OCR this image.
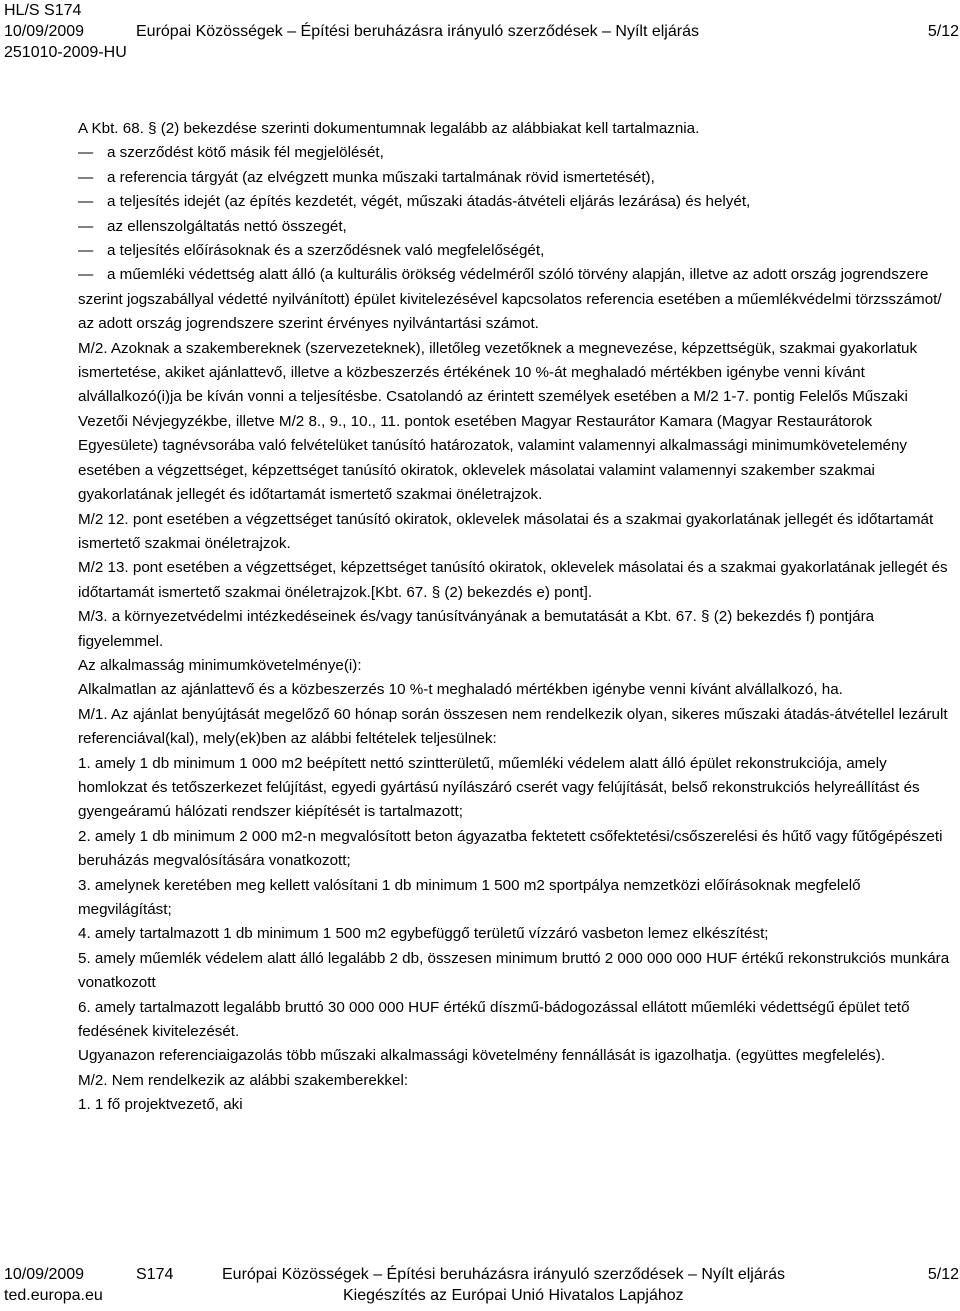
HL/S S174
10/09/2009	Európai Közösségek – Építési beruházásra irányuló szerződések – Nyílt eljárás	5/12
251010-2009-HU

A Kbt. 68. § (2) bekezdése szerinti dokumentumnak legalább az alábbiakat kell tartalmaznia.

— a szerződést kötő másik fél megjelölését,

— a referencia tárgyát (az elvégzett munka műszaki tartalmának rövid ismertetését),

— a teljesítés idejét (az építés kezdetét, végét, műszaki átadás-átvételi eljárás lezárása) és helyét,

— az ellenszolgáltatás nettó összegét,

— a teljesítés előírásoknak és a szerződésnek való megfelelőségét,

— a műemléki védettség alatt álló (a kulturális örökség védelméről szóló törvény alapján, illetve az adott ország jogrendszere szerint jogszabállyal védetté nyilvánított) épület kivitelezésével kapcsolatos referencia esetében a műemlékvédelmi törzsszámot/ az adott ország jogrendszere szerint érvényes nyilvántartási számot.

M/2. Azoknak a szakembereknek (szervezeteknek), illetőleg vezetőknek a megnevezése, képzettségük, szakmai gyakorlatuk ismertetése, akiket ajánlattevő, illetve a közbeszerzés értékének 10 %-át meghaladó mértékben igénybe venni kívánt alvállalkozó(i)ja be kíván vonni a teljesítésbe. Csatolandó az érintett személyek esetében a M/2 1-7. pontig Felelős Műszaki Vezetői Névjegyzékbe, illetve M/2 8., 9., 10., 11. pontok esetében Magyar Restaurátor Kamara (Magyar Restaurátorok Egyesülete) tagnévsorába való felvételüket tanúsító határozatok, valamint valamennyi alkalmassági minimumkövetelemény esetében a végzettséget, képzettséget tanúsító okiratok, oklevelek másolatai valamint valamennyi szakember szakmai gyakorlatának jellegét és időtartamát ismertető szakmai önéletrajzok.

M/2 12. pont esetében a végzettséget tanúsító okiratok, oklevelek másolatai és a szakmai gyakorlatának jellegét és időtartamát ismertető szakmai önéletrajzok.

M/2 13. pont esetében a végzettséget, képzettséget tanúsító okiratok, oklevelek másolatai és a szakmai gyakorlatának jellegét és időtartamát ismertető szakmai önéletrajzok.[Kbt. 67. § (2) bekezdés e) pont].

M/3. a környezetvédelmi intézkedéseinek és/vagy tanúsítványának a bemutatását a Kbt. 67. § (2) bekezdés f) pontjára figyelemmel.

Az alkalmasság minimumkövetelménye(i):

Alkalmatlan az ajánlattevő és a közbeszerzés 10 %-t meghaladó mértékben igénybe venni kívánt alvállalkozó, ha.

M/1. Az ajánlat benyújtását megelőző 60 hónap során összesen nem rendelkezik olyan, sikeres műszaki átadás-átvétellel lezárult referenciával(kal), mely(ek)ben az alábbi feltételek teljesülnek:

1. amely 1 db minimum 1 000 m2 beépített nettó szintterületű, műemléki védelem alatt álló épület rekonstrukciója, amely homlokzat és tetőszerkezet felújítást, egyedi gyártású nyílászáró cserét vagy felújítását, belső rekonstrukciós helyreállítást és gyengeáramú hálózati rendszer kiépítését is tartalmazott;

2. amely 1 db minimum 2 000 m2-n megvalósított beton ágyazatba fektetett csőfektetési/csőszerelési és hűtő vagy fűtőgépészeti beruházás megvalósítására vonatkozott;

3. amelynek keretében meg kellett valósítani 1 db minimum 1 500 m2 sportpálya nemzetközi előírásoknak megfelelő megvilágítást;

4. amely tartalmazott 1 db minimum 1 500 m2 egybefüggő területű vízzáró vasbeton lemez elkészítést;

5. amely műemlék védelem alatt álló legalább 2 db, összesen minimum bruttó 2 000 000 000 HUF értékű rekonstrukciós munkára vonatkozott

6. amely tartalmazott legalább bruttó 30 000 000 HUF értékű díszmű-bádogozással ellátott műemléki védettségű épület tető fedésének kivitelezését.

Ugyanazon referenciaigazolás több műszaki alkalmassági követelmény fennállását is igazolhatja. (együttes megfelelés).

M/2. Nem rendelkezik az alábbi szakemberekkel:

1. 1 fő projektvezető, aki

10/09/2009	S174	Európai Közösségek – Építési beruházásra irányuló szerződések – Nyílt eljárás	5/12
ted.europa.eu	Kiegészítés az Európai Unió Hivatalos Lapjához
